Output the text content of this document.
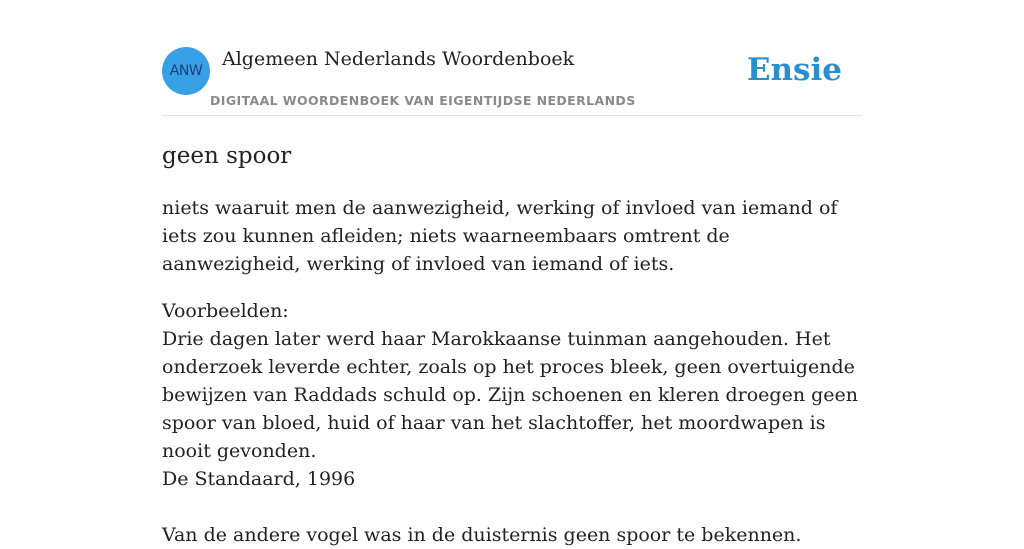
ANW
Algemeen Nederlands Woordenboek
DIGITAAL WOORDENBOEK VAN EIGENTIJDSE NEDERLANDS
Ensie
geen spoor

niets waaruit men de aanwezigheid, werking of invloed van iemand of iets zou kunnen afleiden; niets waarneembaars omtrent de aanwezigheid, werking of invloed van iemand of iets.

Voorbeelden:

Drie dagen later werd haar Marokkaanse tuinman aangehouden. Het onderzoek leverde echter, zoals op het proces bleek, geen overtuigende bewijzen van Raddads schuld op. Zijn schoenen en kleren droegen geen spoor van bloed, huid of haar van het slachtoffer, het moordwapen is nooit gevonden.

De Standaard, 1996

Van de andere vogel was in de duisternis geen spoor te bekennen.
